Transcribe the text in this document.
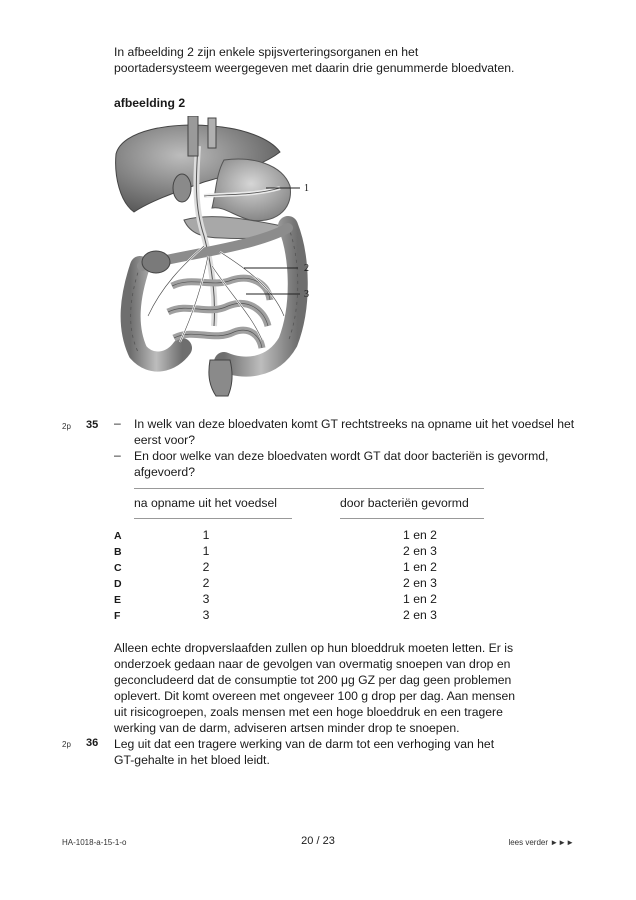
In afbeelding 2 zijn enkele spijsverteringsorganen en het
poortadersysteem weergegeven met daarin drie genummerde bloedvaten.
afbeelding 2
1
2
3
2p 35 – In welk van deze bloedvaten komt GT rechtstreeks na opname uit het voedsel het eerst voor?
– En door welke van deze bloedvaten wordt GT dat door bacteriën is gevormd, afgevoerd?
na opname uit het voedsel	door bacteriën gevormd
A	1	1 en 2
B	1	2 en 3
C	2	1 en 2
D	2	2 en 3
E	3	1 en 2
F	3	2 en 3
Alleen echte dropverslaafden zullen op hun bloeddruk moeten letten. Er is
onderzoek gedaan naar de gevolgen van overmatig snoepen van drop en
geconcludeerd dat de consumptie tot 200 μg GZ per dag geen problemen
oplevert. Dit komt overeen met ongeveer 100 g drop per dag. Aan mensen
uit risicogroepen, zoals mensen met een hoge bloeddruk en een tragere
werking van de darm, adviseren artsen minder drop te snoepen.
2p 36 Leg uit dat een tragere werking van de darm tot een verhoging van het
GT-gehalte in het bloed leidt.
HA-1018-a-15-1-o	20 / 23	lees verder ►►►
